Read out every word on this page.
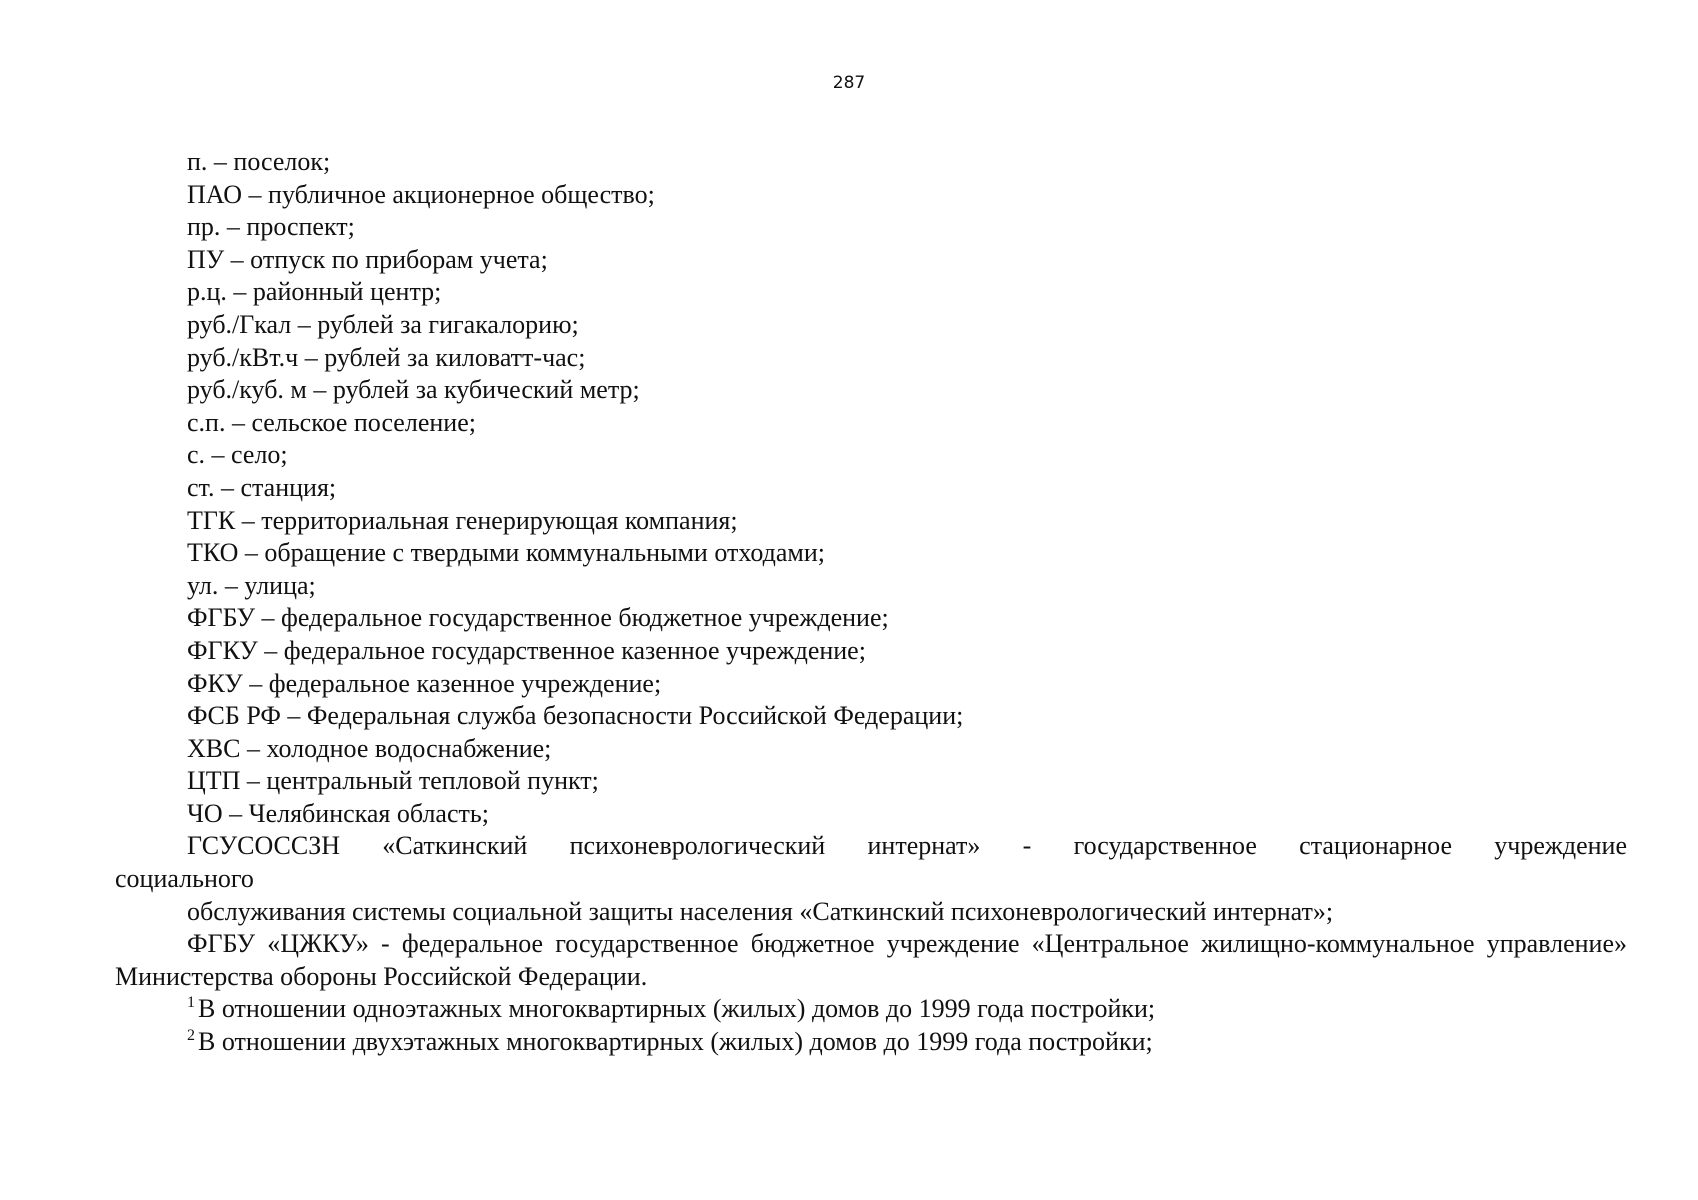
287
п. – поселок;
ПАО – публичное акционерное общество;
пр. – проспект;
ПУ – отпуск по приборам учета;
р.ц. – районный центр;
руб./Гкал – рублей за гигакалорию;
руб./кВт.ч – рублей за киловатт-час;
руб./куб. м – рублей за кубический метр;
с.п. – сельское поселение;
с. – село;
ст. – станция;
ТГК – территориальная генерирующая компания;
ТКО – обращение с твердыми коммунальными отходами;
ул. – улица;
ФГБУ – федеральное государственное бюджетное учреждение;
ФГКУ – федеральное государственное казенное учреждение;
ФКУ – федеральное казенное учреждение;
ФСБ РФ – Федеральная служба безопасности Российской Федерации;
ХВС – холодное водоснабжение;
ЦТП – центральный тепловой пункт;
ЧО – Челябинская область;
ГСУСОССЗН «Саткинский психоневрологический интернат» - государственное стационарное учреждение
социального
обслуживания системы социальной защиты населения «Саткинский психоневрологический интернат»;
ФГБУ «ЦЖКУ» - федеральное государственное бюджетное учреждение «Центральное жилищно-коммунальное управление» Министерства обороны Российской Федерации.
$^1$ В отношении одноэтажных многоквартирных (жилых) домов до 1999 года постройки;
$^2$ В отношении двухэтажных многоквартирных (жилых) домов до 1999 года постройки;
